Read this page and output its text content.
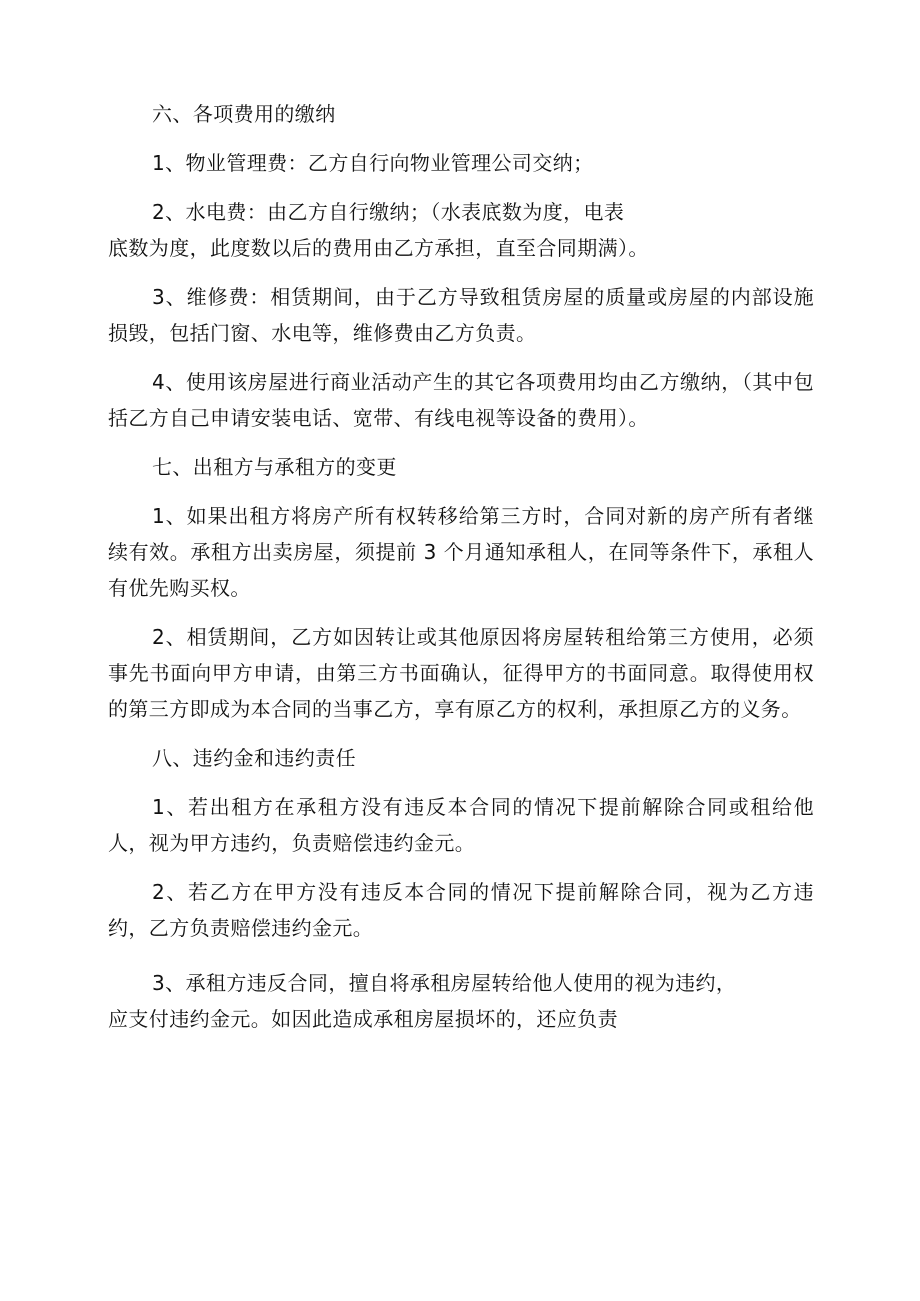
六、各项费用的缴纳

1、物业管理费：乙方自行向物业管理公司交纳；

2、水电费：由乙方自行缴纳；（水表底数为度，电表

底数为度，此度数以后的费用由乙方承担，直至合同期满）。

3、维修费：相赁期间，由于乙方导致租赁房屋的质量或房屋的内部设施损毁，包括门窗、水电等，维修费由乙方负责。

4、使用该房屋进行商业活动产生的其它各项费用均由乙方缴纳，（其中包括乙方自己申请安装电话、宽带、有线电视等设备的费用）。

七、出租方与承租方的变更

1、如果出租方将房产所有权转移给第三方时，合同对新的房产所有者继续有效。承租方出卖房屋，须提前 3 个月通知承租人，在同等条件下，承租人有优先购买权。

2、相赁期间，乙方如因转让或其他原因将房屋转租给第三方使用，必须事先书面向甲方申请，由第三方书面确认，征得甲方的书面同意。取得使用权的第三方即成为本合同的当事乙方，享有原乙方的权利，承担原乙方的义务。

八、违约金和违约责任

1、若出租方在承租方没有违反本合同的情况下提前解除合同或租给他人，视为甲方违约，负责赔偿违约金元。

2、若乙方在甲方没有违反本合同的情况下提前解除合同，视为乙方违约，乙方负责赔偿违约金元。

3、承租方违反合同，擅自将承租房屋转给他人使用的视为违约，

应支付违约金元。如因此造成承租房屋损坏的，还应负责
